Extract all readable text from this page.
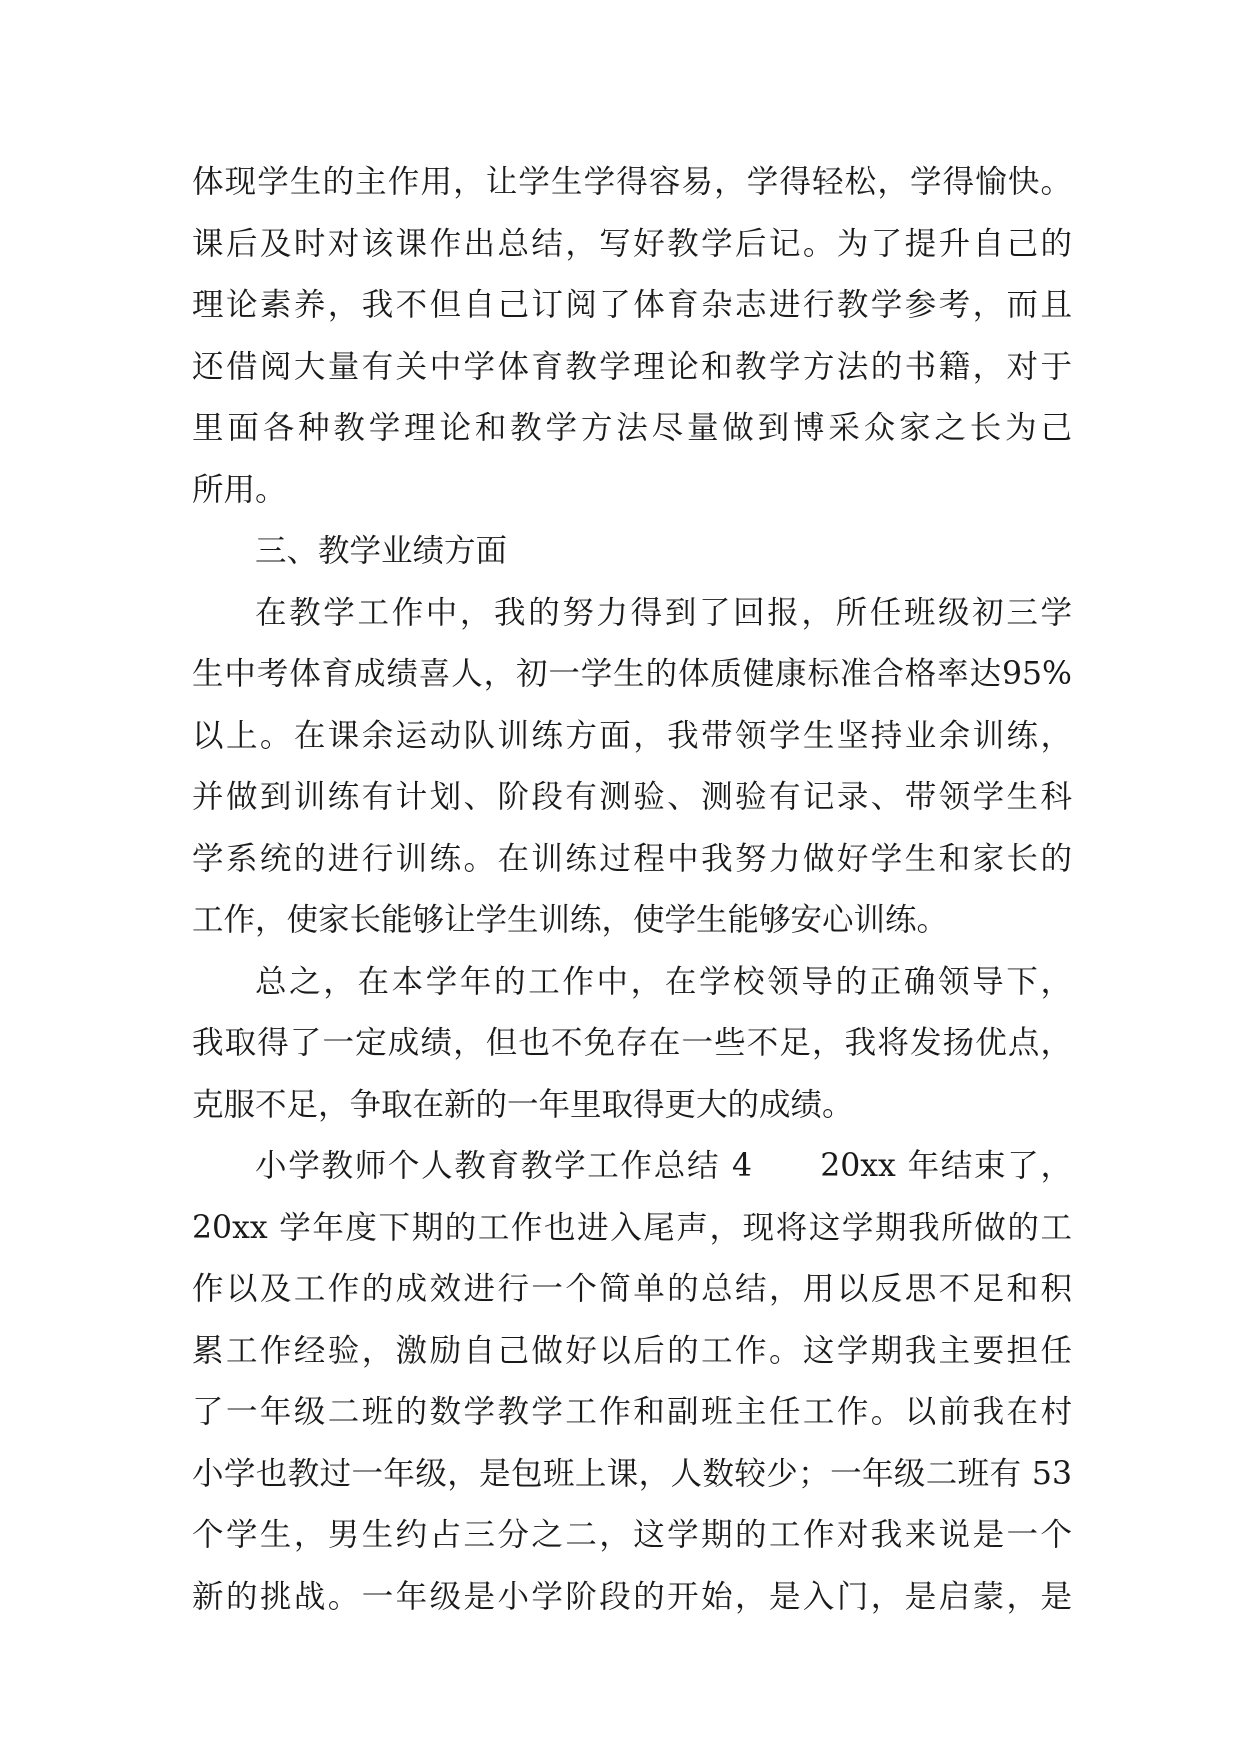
体现学生的主作用，让学生学得容易，学得轻松，学得愉快。
课后及时对该课作出总结，写好教学后记。为了提升自己的
理论素养，我不但自己订阅了体育杂志进行教学参考，而且
还借阅大量有关中学体育教学理论和教学方法的书籍，对于
里面各种教学理论和教学方法尽量做到博采众家之长为己
所用。
三、教学业绩方面
在教学工作中，我的努力得到了回报，所任班级初三学
生中考体育成绩喜人，初一学生的体质健康标准合格率达95%
以上。在课余运动队训练方面，我带领学生坚持业余训练，
并做到训练有计划、阶段有测验、测验有记录、带领学生科
学系统的进行训练。在训练过程中我努力做好学生和家长的
工作，使家长能够让学生训练，使学生能够安心训练。
总之，在本学年的工作中，在学校领导的正确领导下，
我取得了一定成绩，但也不免存在一些不足，我将发扬优点，
克服不足，争取在新的一年里取得更大的成绩。
小学教师个人教育教学工作总结 4　　20xx 年结束了，
20xx 学年度下期的工作也进入尾声，现将这学期我所做的工
作以及工作的成效进行一个简单的总结，用以反思不足和积
累工作经验，激励自己做好以后的工作。这学期我主要担任
了一年级二班的数学教学工作和副班主任工作。以前我在村
小学也教过一年级，是包班上课，人数较少；一年级二班有 53
个学生，男生约占三分之二，这学期的工作对我来说是一个
新的挑战。一年级是小学阶段的开始，是入门，是启蒙，是
